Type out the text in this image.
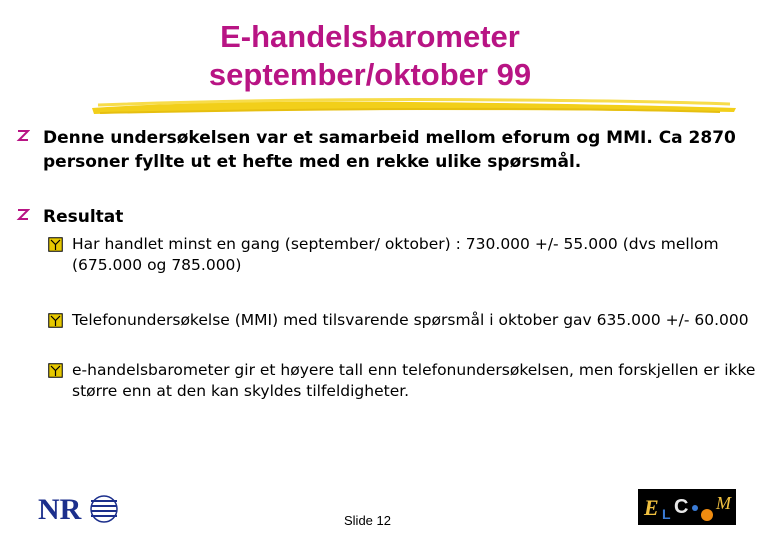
E-handelsbarometer
september/oktober 99
Denne undersøkelsen var et samarbeid mellom eforum og MMI. Ca 2870
personer fyllte ut et hefte med en rekke ulike spørsmål.
Resultat
Har handlet minst en gang (september/ oktober) : 730.000 +/- 55.000 (dvs mellom
(675.000 og 785.000)
Telefonundersøkelse (MMI) med tilsvarende spørsmål i oktober gav 635.000 +/- 60.000
e-handelsbarometer gir et høyere tall enn telefonundersøkelsen, men forskjellen er ikke
større enn at den kan skyldes tilfeldigheter.
NR	Slide 12
E L C M
